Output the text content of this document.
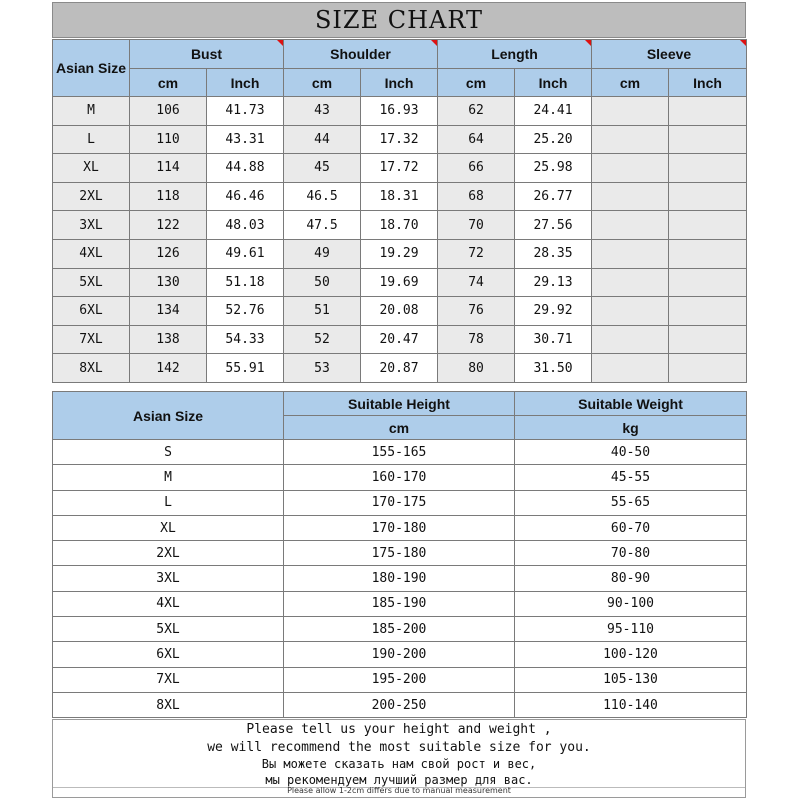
SIZE CHART
Asian Size	Bust		Shoulder		Length		Sleeve	
	cm	Inch	cm	Inch	cm	Inch	cm	Inch
M	106	41.73	43	16.93	62	24.41		
L	110	43.31	44	17.32	64	25.20		
XL	114	44.88	45	17.72	66	25.98		
2XL	118	46.46	46.5	18.31	68	26.77		
3XL	122	48.03	47.5	18.70	70	27.56		
4XL	126	49.61	49	19.29	72	28.35		
5XL	130	51.18	50	19.69	74	29.13		
6XL	134	52.76	51	20.08	76	29.92		
7XL	138	54.33	52	20.47	78	30.71		
8XL	142	55.91	53	20.87	80	31.50		
Asian Size	Suitable Height	Suitable Weight
	cm	kg
S	155-165	40-50
M	160-170	45-55
L	170-175	55-65
XL	170-180	60-70
2XL	175-180	70-80
3XL	180-190	80-90
4XL	185-190	90-100
5XL	185-200	95-110
6XL	190-200	100-120
7XL	195-200	105-130
8XL	200-250	110-140
Please tell us your height and weight ,
we will recommend the most suitable size for you.
Вы можете сказать нам свой рост и вес,
мы рекомендуем лучший размер для вас.
Please allow 1-2cm differs due to manual measurement
